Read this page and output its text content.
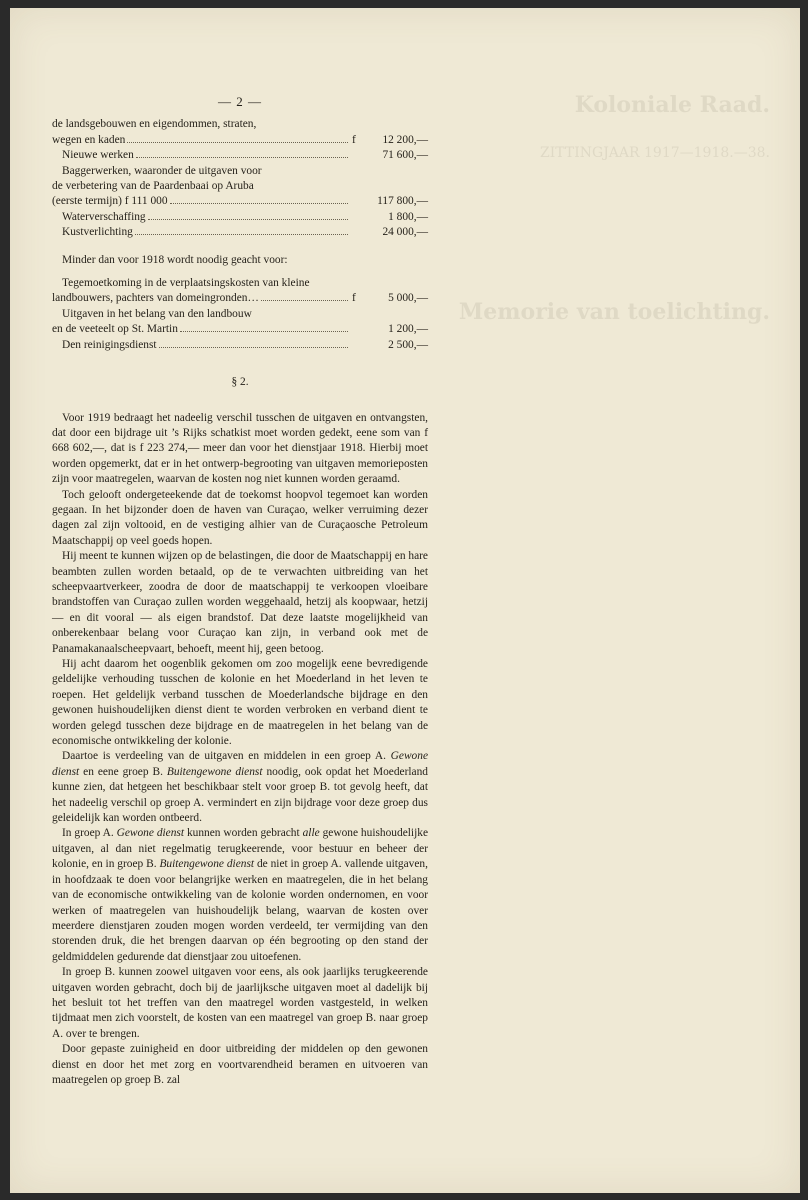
Koloniale Raad.

ZITTINGJAAR 1917—1918.—38.

Memorie van toelichting.

— 2 —

de landsgebouwen en eigendommen, straten,

wegen en kaden	f	12 200,—
Nieuwe werken	71 600,—

Baggerwerken, waaronder de uitgaven voor

de verbetering van de Paardenbaai op Aruba

(eerste termijn) f 111 000	117 800,—
Waterverschaffing	1 800,—
Kustverlichting	24 000,—

Minder dan voor 1918 wordt noodig geacht voor:

Tegemoetkoming in de verplaatsingskosten van kleine

landbouwers, pachters van domeingronden…	f	5 000,—

Uitgaven in het belang van den landbouw

en de veeteelt op St. Martin	1 200,—
Den reinigingsdienst	2 500,—
§ 2.

Voor 1919 bedraagt het nadeelig verschil tusschen de uitgaven en ontvangsten, dat door een bijdrage uit ’s Rijks schatkist moet worden gedekt, eene som van f 668 602,—, dat is f 223 274,— meer dan voor het dienstjaar 1918. Hierbij moet worden opgemerkt, dat er in het ontwerp-begrooting van uitgaven memorieposten zijn voor maatregelen, waarvan de kosten nog niet kunnen worden geraamd.

Toch gelooft ondergeteekende dat de toekomst hoopvol tegemoet kan worden gegaan. In het bijzonder doen de haven van Curaçao, welker verruiming dezer dagen zal zijn voltooid, en de vestiging alhier van de Curaçaosche Petroleum Maatschappij op veel goeds hopen.

Hij meent te kunnen wijzen op de belastingen, die door de Maatschappij en hare beambten zullen worden betaald, op de te verwachten uitbreiding van het scheepvaartverkeer, zoodra de door de maatschappij te verkoopen vloeibare brandstoffen van Curaçao zullen worden weggehaald, hetzij als koopwaar, hetzij — en dit vooral — als eigen brandstof. Dat deze laatste mogelijkheid van onberekenbaar belang voor Curaçao kan zijn, in verband ook met de Panamakanaalscheepvaart, behoeft, meent hij, geen betoog.

Hij acht daarom het oogenblik gekomen om zoo mogelijk eene bevredigende geldelijke verhouding tusschen de kolonie en het Moederland in het leven te roepen. Het geldelijk verband tusschen de Moederlandsche bijdrage en den gewonen huishoudelijken dienst dient te worden verbroken en verband dient te worden gelegd tusschen deze bijdrage en de maatregelen in het belang van de economische ontwikkeling der kolonie.

Daartoe is verdeeling van de uitgaven en middelen in een groep A. Gewone dienst en eene groep B. Buitengewone dienst noodig, ook opdat het Moederland kunne zien, dat hetgeen het beschikbaar stelt voor groep B. tot gevolg heeft, dat het nadeelig verschil op groep A. vermindert en zijn bijdrage voor deze groep dus geleidelijk kan worden ontbeerd.

In groep A. Gewone dienst kunnen worden gebracht alle gewone huishoudelijke uitgaven, al dan niet regelmatig terugkeerende, voor bestuur en beheer der kolonie, en in groep B. Buitengewone dienst de niet in groep A. vallende uitgaven, in hoofdzaak te doen voor belangrijke werken en maatregelen, die in het belang van de economische ontwikkeling van de kolonie worden ondernomen, en voor werken of maatregelen van huishoudelijk belang, waarvan de kosten over meerdere dienstjaren zouden mogen worden verdeeld, ter vermijding van den storenden druk, die het brengen daarvan op één begrooting op den stand der geldmiddelen gedurende dat dienstjaar zou uitoefenen.

In groep B. kunnen zoowel uitgaven voor eens, als ook jaarlijks terugkeerende uitgaven worden gebracht, doch bij de jaarlijksche uitgaven moet al dadelijk bij het besluit tot het treffen van den maatregel worden vastgesteld, in welken tijdmaat men zich voorstelt, de kosten van een maatregel van groep B. naar groep A. over te brengen.

Door gepaste zuinigheid en door uitbreiding der middelen op den gewonen dienst en door het met zorg en voortvarendheid beramen en uitvoeren van maatregelen op groep B. zal
